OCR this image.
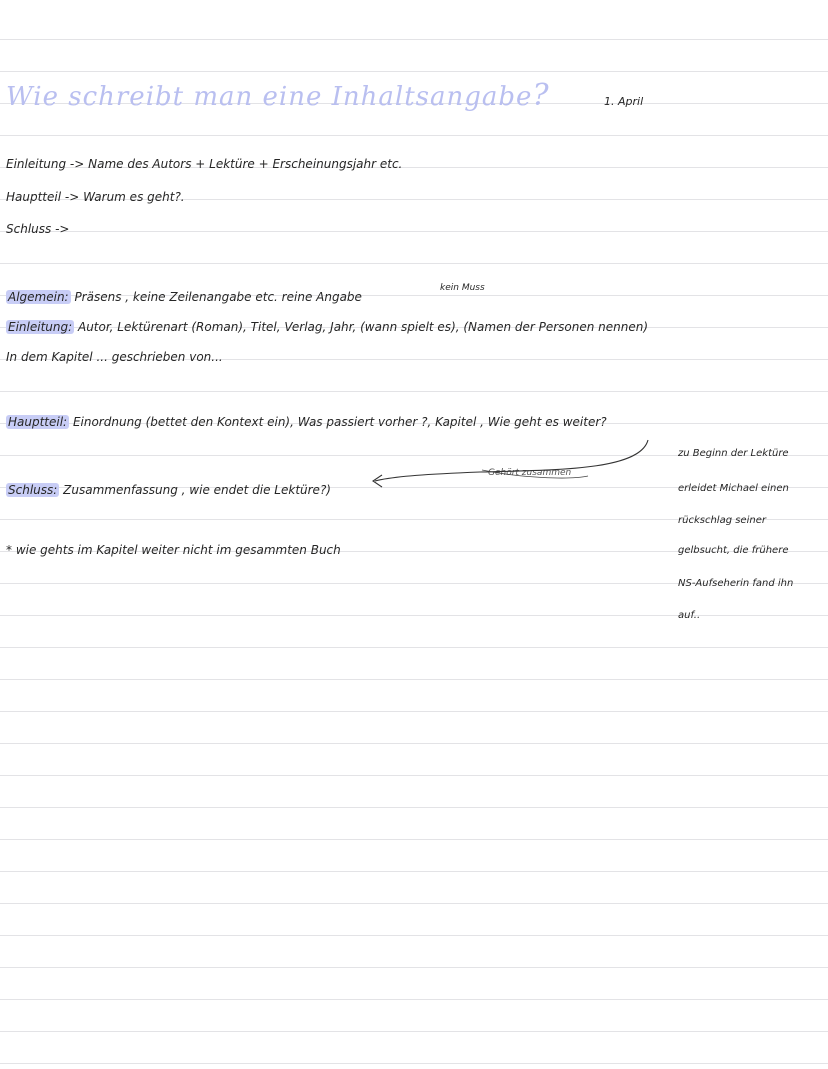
Wie schreibt man eine Inhaltsangabe?	1. April
Einleitung -> Name des Autors + Lektüre + Erscheinungsjahr etc.
Hauptteil -> Warum es geht?.
Schluss ->
kein Muss
Algemein: Präsens , keine Zeilenangabe etc. reine Angabe
Einleitung: Autor, Lektürenart (Roman), Titel, Verlag, Jahr, (wann spielt es), (Namen der Personen nennen)
In dem Kapitel ... geschrieben von...
Hauptteil: Einordnung (bettet den Kontext ein), Was passiert vorher ?, Kapitel , Wie geht es weiter?
Gehört zusammen
Schluss: Zusammenfassung , wie endet die Lektüre?)
* wie gehts im Kapitel weiter nicht im gesammten Buch
zu Beginn der Lektüre
erleidet Michael einen
rückschlag seiner
gelbsucht, die frühere
NS-Aufseherin fand ihn
auf..
